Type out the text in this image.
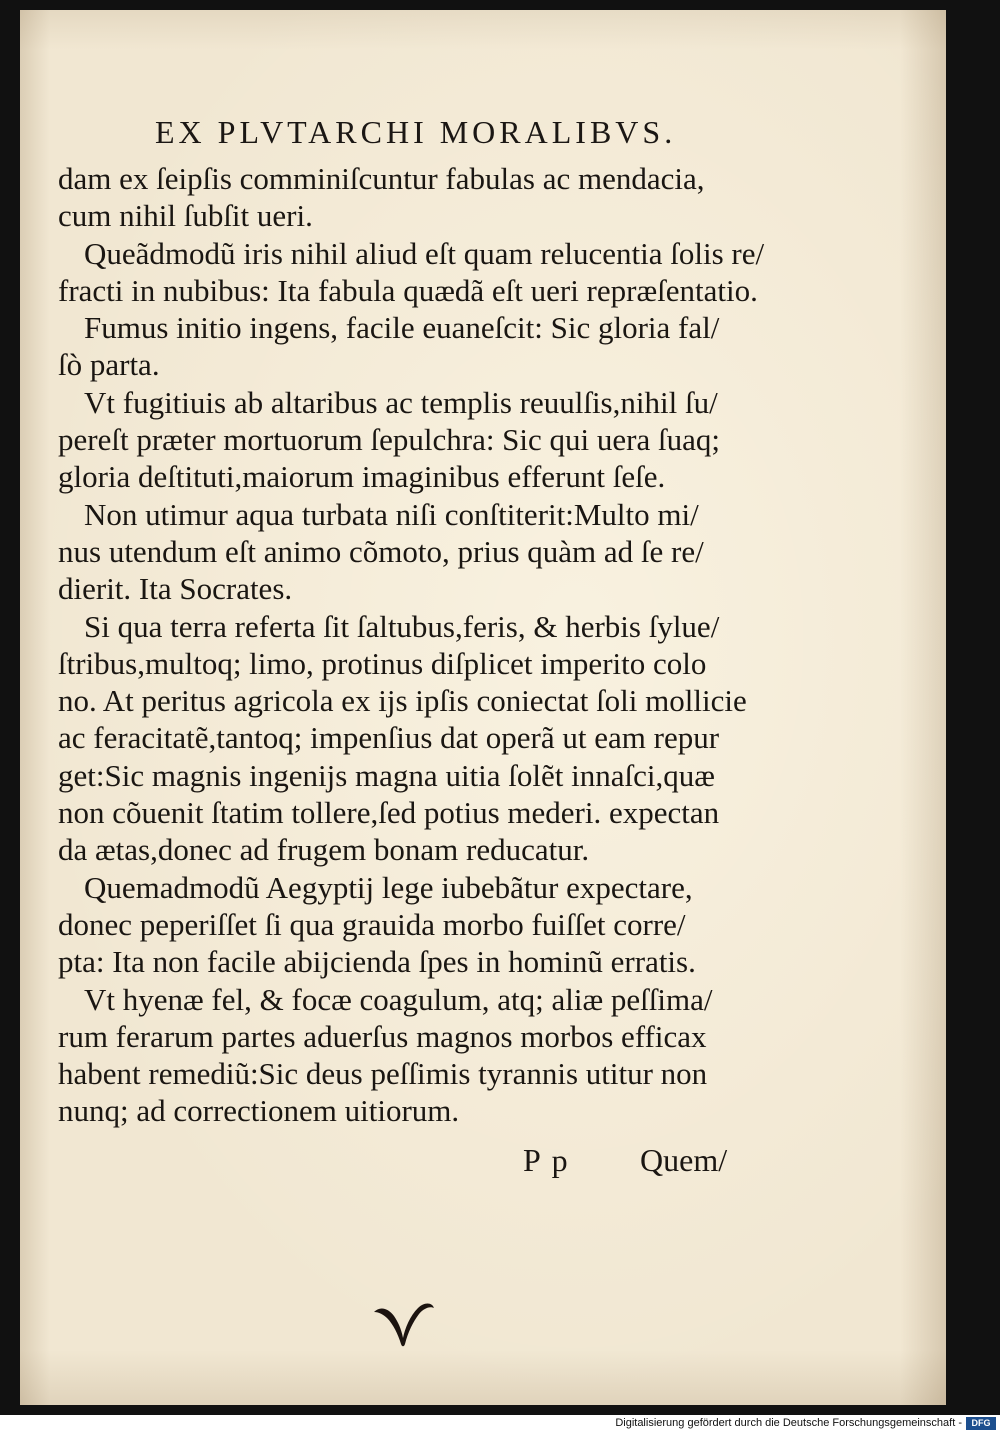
EX PLVTARCHI MORALIBVS.
dam ex ſeipſis comminiſcuntur fabulas ac mendacia,
cum nihil ſubſit ueri.
Queãdmodũ iris nihil aliud eſt quam relucentia ſolis re/
fracti in nubibus: Ita fabula quædã eſt ueri repræſentatio.
Fumus initio ingens, facile euaneſcit: Sic gloria fal/
ſò parta.
Vt fugitiuis ab altaribus ac templis reuulſis,nihil ſu/
pereſt præter mortuorum ſepulchra: Sic qui uera ſuaq;
gloria deſtituti,maiorum imaginibus efferunt ſeſe.
Non utimur aqua turbata niſi conſtiterit:Multo mi/
nus utendum eſt animo cõmoto, prius quàm ad ſe re/
dierit. Ita Socrates.
Si qua terra referta ſit ſaltubus,feris, & herbis ſylue/
ſtribus,multoq; limo, protinus diſplicet imperito colo
no. At peritus agricola ex ijs ipſis coniectat ſoli mollicie
ac feracitatẽ,tantoq; impenſius dat operã ut eam repur
get:Sic magnis ingenijs magna uitia ſolẽt innaſci,quæ
non cõuenit ſtatim tollere,ſed potius mederi. expectan
da ætas,donec ad frugem bonam reducatur.
Quemadmodũ Aegyptij lege iubebãtur expectare,
donec peperiſſet ſi qua grauida morbo fuiſſet corre/
pta: Ita non facile abijcienda ſpes in hominũ erratis.
Vt hyenæ fel, & focæ coagulum, atq; aliæ peſſima/
rum ferarum partes aduerſus magnos morbos efficax
habent remediũ:Sic deus peſſimis tyrannis utitur non
nunq; ad correctionem uitiorum.
P p Quem/
Digitalisierung gefördert durch die Deutsche Forschungsgemeinschaft -	DFG
